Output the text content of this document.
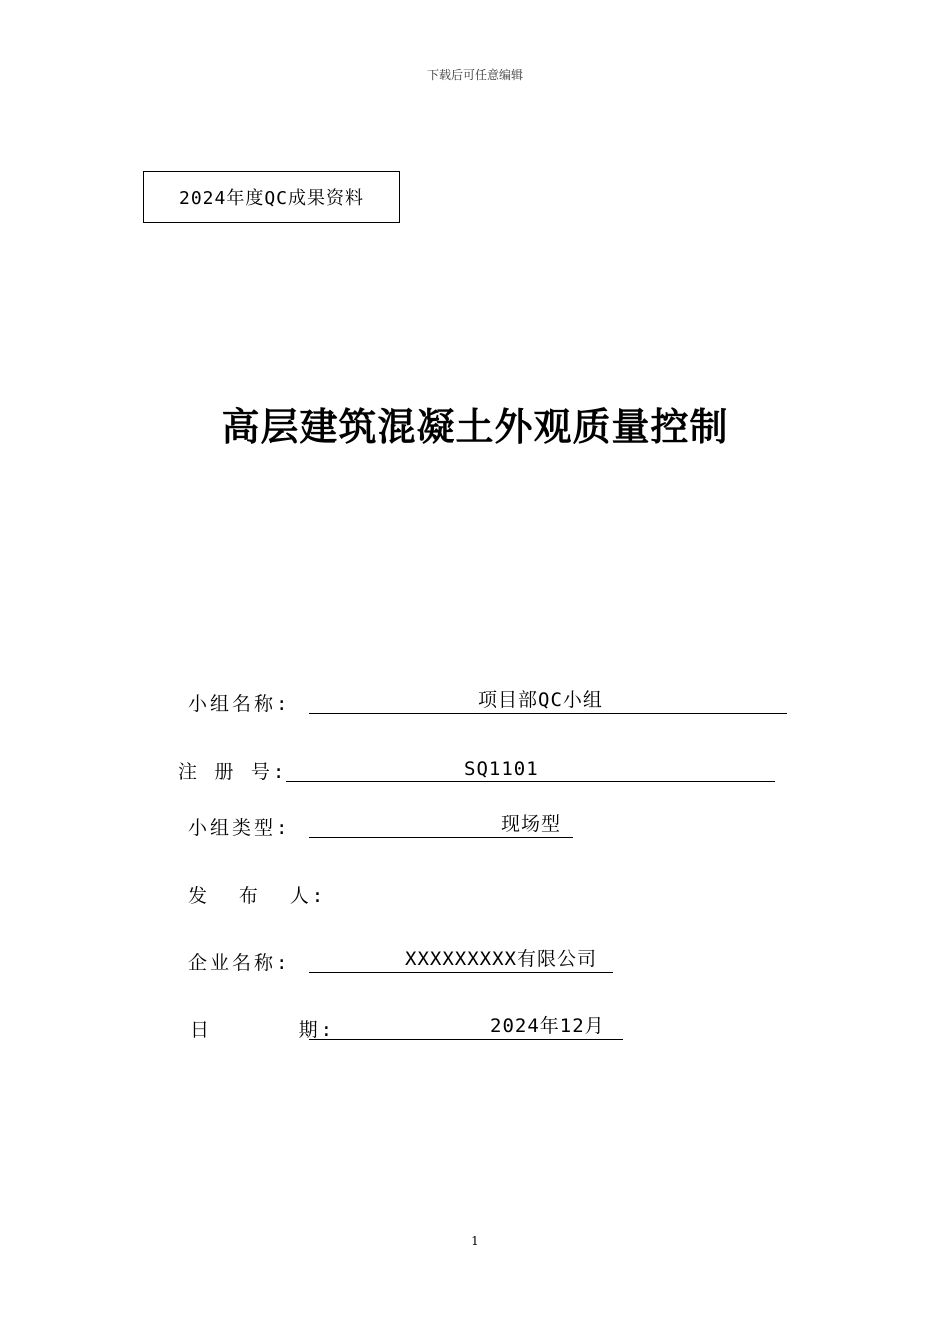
下载后可任意编辑
2024年度QC成果资料
高层建筑混凝土外观质量控制
小组名称:	项目部QC小组
注 册 号:	SQ1101
小组类型:	现场型
发  布  人:
企业名称:	XXXXXXXXX有限公司
日      期:	2024年12月
1
